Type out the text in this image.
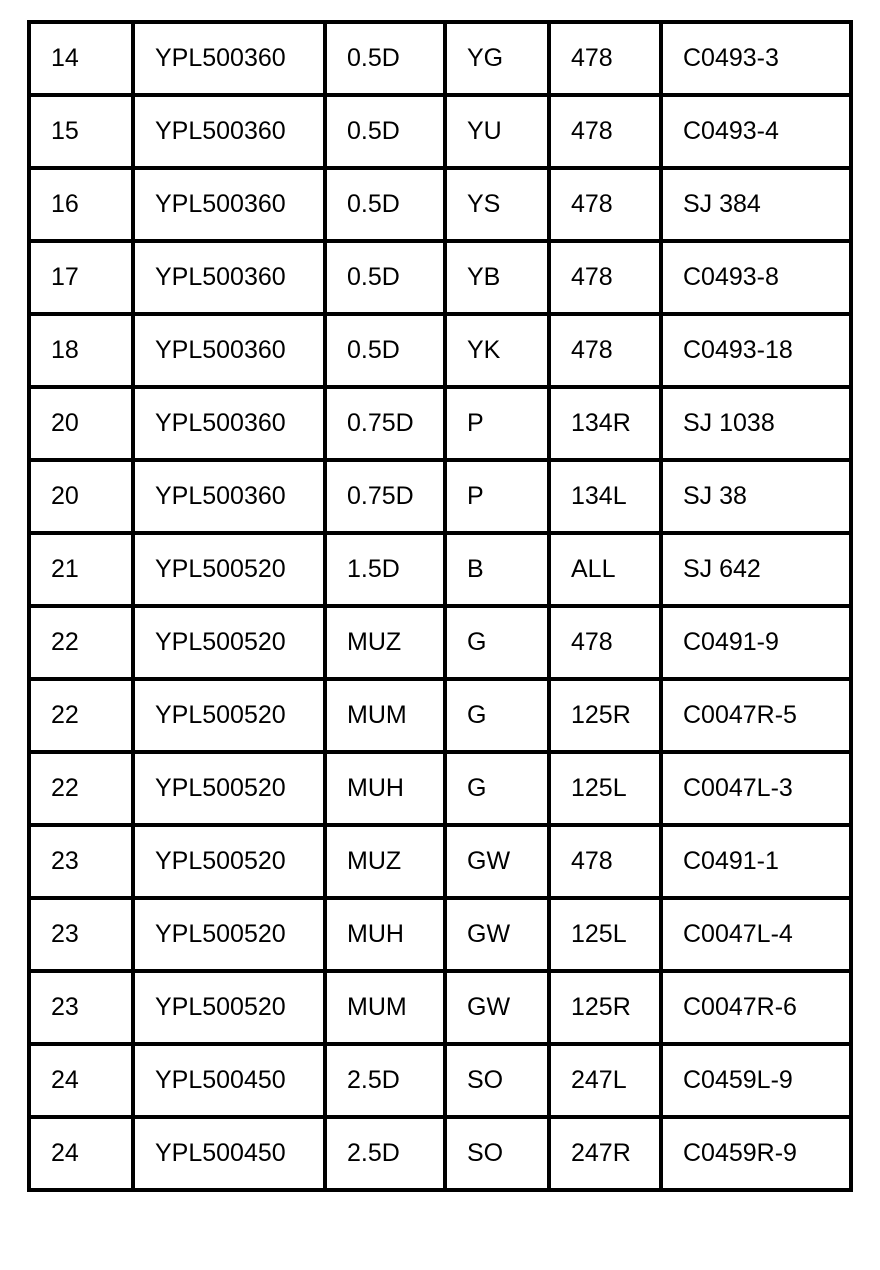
14	YPL500360	0.5D	YG	478	C0493-3
15	YPL500360	0.5D	YU	478	C0493-4
16	YPL500360	0.5D	YS	478	SJ 384
17	YPL500360	0.5D	YB	478	C0493-8
18	YPL500360	0.5D	YK	478	C0493-18
20	YPL500360	0.75D	P	134R	SJ 1038
20	YPL500360	0.75D	P	134L	SJ 38
21	YPL500520	1.5D	B	ALL	SJ 642
22	YPL500520	MUZ	G	478	C0491-9
22	YPL500520	MUM	G	125R	C0047R-5
22	YPL500520	MUH	G	125L	C0047L-3
23	YPL500520	MUZ	GW	478	C0491-1
23	YPL500520	MUH	GW	125L	C0047L-4
23	YPL500520	MUM	GW	125R	C0047R-6
24	YPL500450	2.5D	SO	247L	C0459L-9
24	YPL500450	2.5D	SO	247R	C0459R-9
